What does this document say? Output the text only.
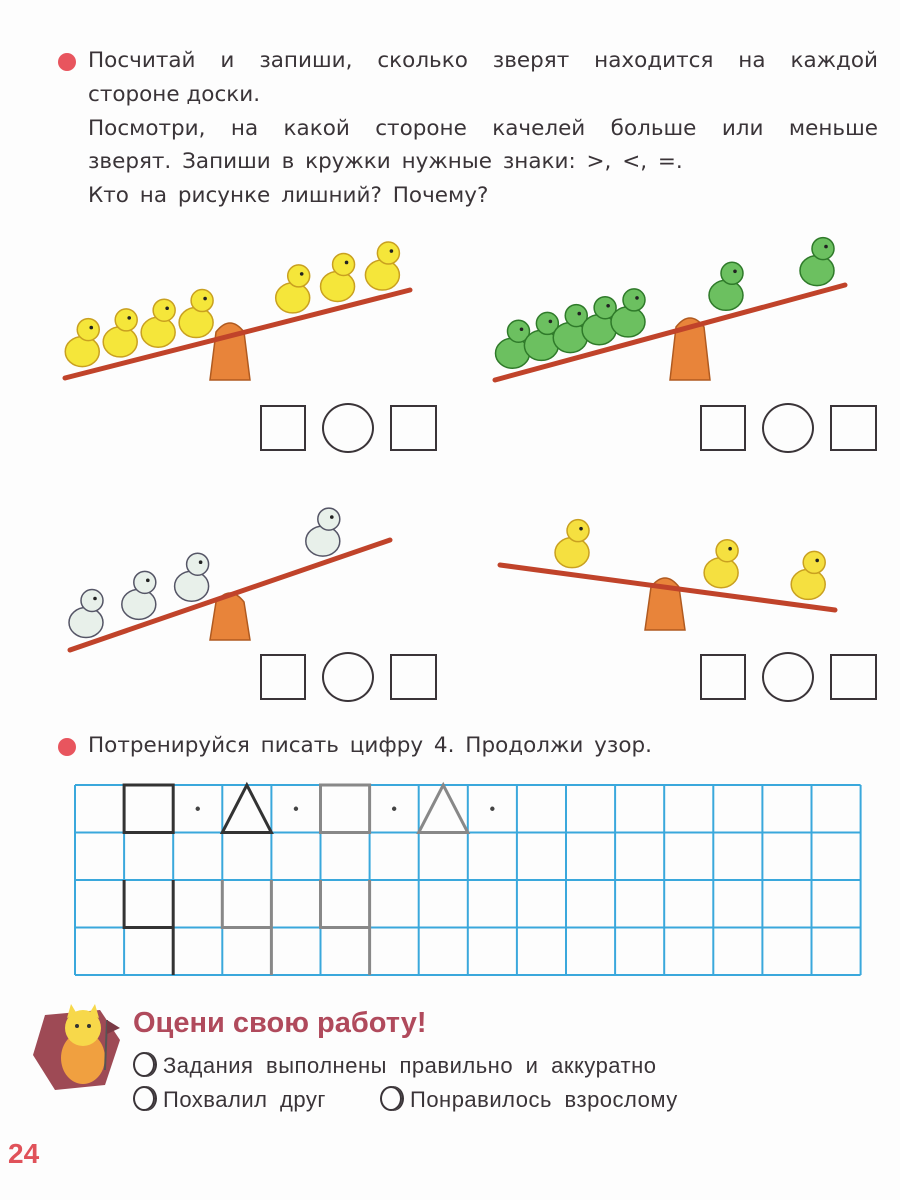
Посчитай и запиши, сколько зверят находится на каждой
стороне доски.
Посмотри, на какой стороне качелей больше или меньше
зверят. Запиши в кружки нужные знаки: >, <, =.
Кто на рисунке лишний? Почему?
Потренируйся писать цифру 4. Продолжи узор.
Оцени свою работу!
Задания выполнены правильно и аккуратно
Похвалил друг	Понравилось взрослому
24
